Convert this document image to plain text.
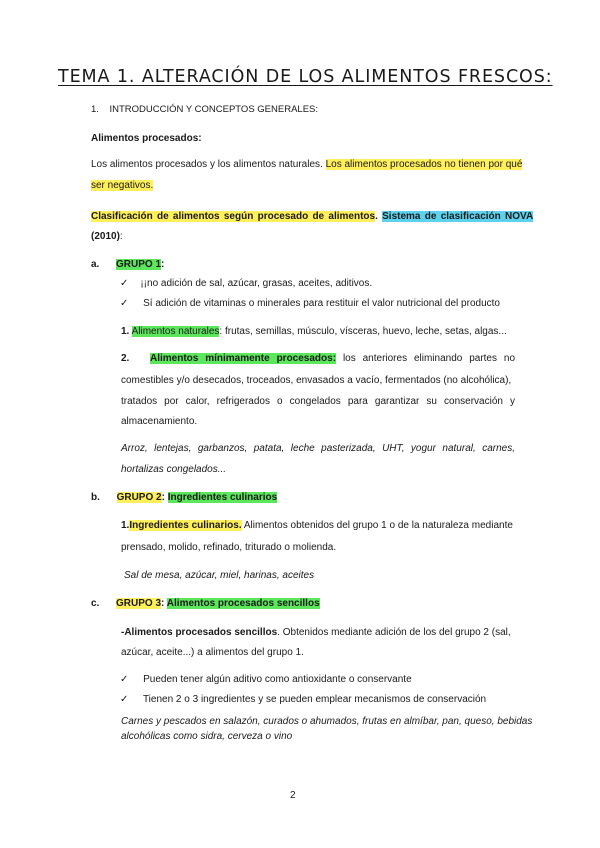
TEMA 1. ALTERACIÓN DE LOS ALIMENTOS FRESCOS:
1. INTRODUCCIÓN Y CONCEPTOS GENERALES:
Alimentos procesados:
Los alimentos procesados y los alimentos naturales. Los alimentos procesados no tienen por qué
ser negativos.
Clasificación de alimentos según procesado de alimentos. Sistema de clasificación NOVA
(2010):
a. GRUPO 1:
✓ ¡¡no adición de sal, azúcar, grasas, aceites, aditivos.
✓ Sí adición de vitaminas o minerales para restituir el valor nutricional del producto
1. Alimentos naturales: frutas, semillas, músculo, vísceras, huevo, leche, setas, algas...
2. Alimentos mínimamente procesados: los anteriores eliminando partes no
comestibles y/o desecados, troceados, envasados a vacío, fermentados (no alcohólica),
tratados por calor, refrigerados o congelados para garantizar su conservación y
almacenamiento.
Arroz, lentejas, garbanzos, patata, leche pasterizada, UHT, yogur natural, carnes,
hortalizas congelados...
b. GRUPO 2: Ingredientes culinarios
1.Ingredientes culinarios. Alimentos obtenidos del grupo 1 o de la naturaleza mediante
prensado, molido, refinado, triturado o molienda.
Sal de mesa, azúcar, miel, harinas, aceites
c. GRUPO 3: Alimentos procesados sencillos
-Alimentos procesados sencillos. Obtenidos mediante adición de los del grupo 2 (sal,
azúcar, aceite...) a alimentos del grupo 1.
✓ Pueden tener algún aditivo como antioxidante o conservante
✓ Tienen 2 o 3 ingredientes y se pueden emplear mecanismos de conservación
Carnes y pescados en salazón, curados o ahumados, frutas en almíbar, pan, queso, bebidas
alcohólicas como sidra, cerveza o vino
2
